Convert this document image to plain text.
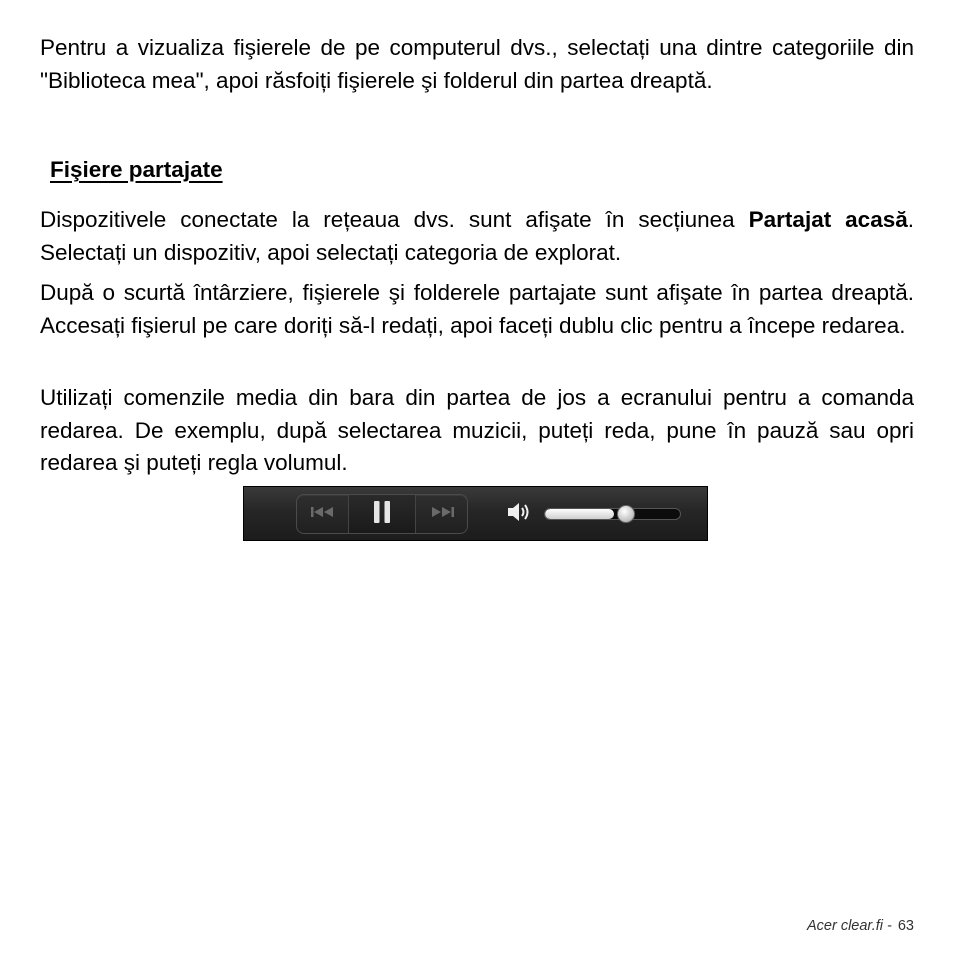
Pentru a vizualiza fişierele de pe computerul dvs., selectați una dintre categoriile din "Biblioteca mea", apoi răsfoiți fişierele şi folderul din partea dreaptă.

Fişiere partajate

Dispozitivele conectate la rețeaua dvs. sunt afişate în secțiunea Partajat acasă. Selectați un dispozitiv, apoi selectați categoria de explorat.

După o scurtă întârziere, fişierele şi folderele partajate sunt afişate în partea dreaptă. Accesați fişierul pe care doriți să-l redați, apoi faceți dublu clic pentru a începe redarea.

Utilizați comenzile media din bara din partea de jos a ecranului pentru a comanda redarea. De exemplu, după selectarea muzicii, puteți reda, pune în pauză sau opri redarea şi puteți regla volumul.

Acer clear.fi - 63
